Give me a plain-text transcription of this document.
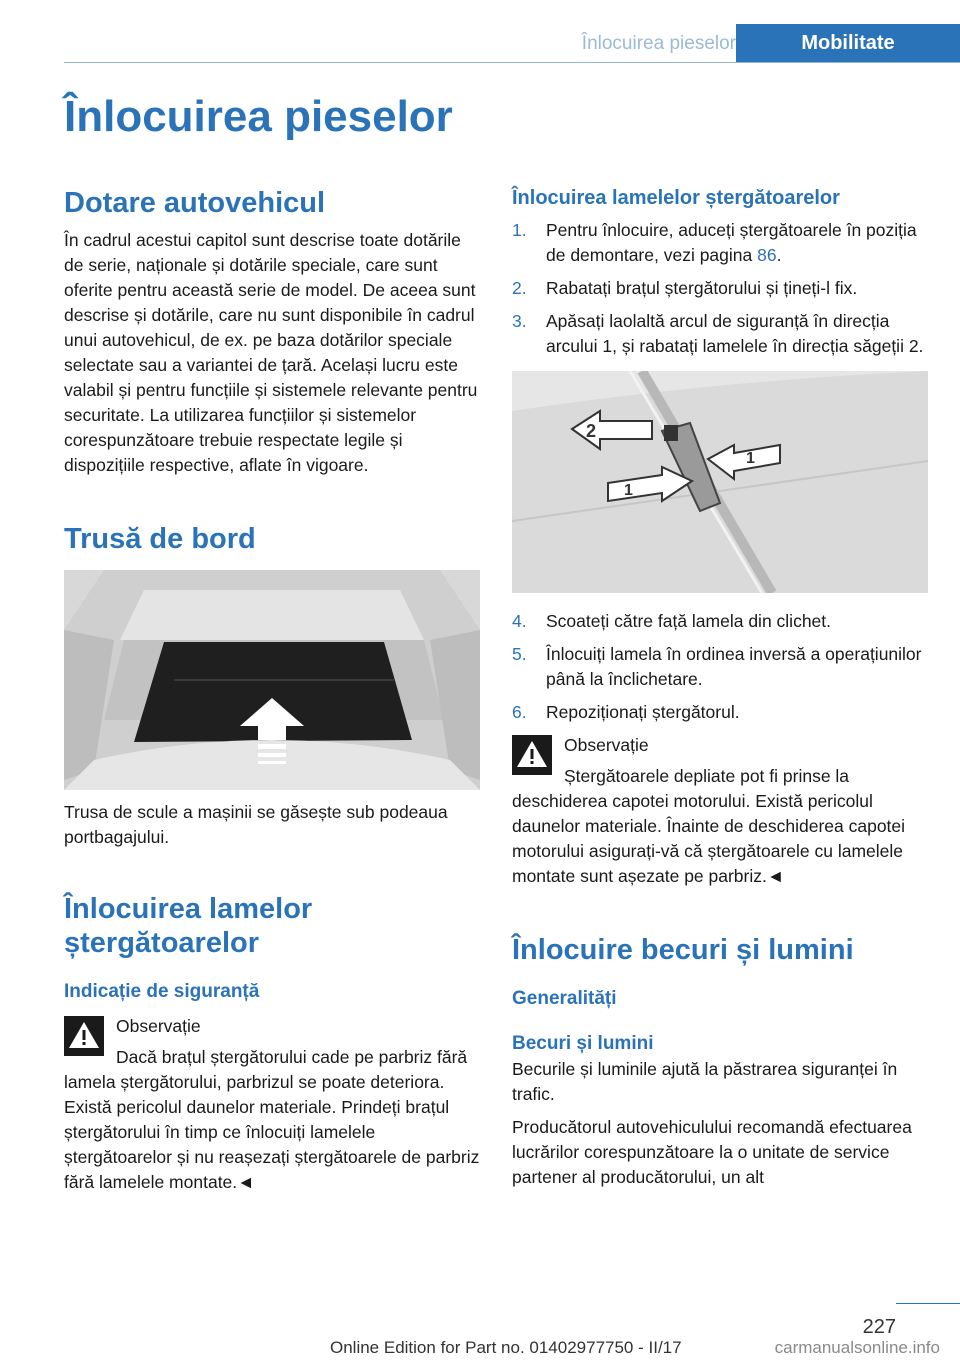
Înlocuirea pieselor	Mobilitate
Înlocuirea pieselor
Dotare autovehicul

În cadrul acestui capitol sunt descrise toate dotările de serie, naționale și dotările speciale, care sunt oferite pentru această serie de model. De aceea sunt descrise și dotările, care nu sunt disponibile în cadrul unui autovehicul, de ex. pe baza dotărilor speciale selectate sau a variantei de țară. Același lucru este valabil și pentru funcțiile și sistemele relevante pentru securitate. La utilizarea funcțiilor și sistemelor corespunzătoare trebuie respectate legile și dispozițiile respective, aflate în vigoare.

Trusă de bord

Trusa de scule a mașinii se găsește sub podeaua portbagajului.

Înlocuirea lamelor ștergătoarelor
Indicație de siguranță
Observație
Dacă brațul ștergătorului cade pe parbriz fără lamela ștergătorului, parbrizul se poate deteriora. Există pericolul daunelor materiale. Prindeți brațul ștergătorului în timp ce înlocuiți lamelele ștergătoarelor și nu reașezați ștergătoarele de parbriz fără lamelele montate.◄
Înlocuirea lamelelor ștergătoarelor
1.	Pentru înlocuire, aduceți ștergătoarele în poziția de demontare, vezi pagina 86.
2.	Rabatați brațul ștergătorului și țineți-l fix.
3.	Apăsați laolaltă arcul de siguranță în direcția arcului 1, și rabatați lamelele în direcția săgeții 2.
2
1
1
4.	Scoateți către față lamela din clichet.
5.	Înlocuiți lamela în ordinea inversă a operațiunilor până la înclichetare.
6.	Repoziționați ștergătorul.
Observație
Ștergătoarele depliate pot fi prinse la deschiderea capotei motorului. Există pericolul daunelor materiale. Înainte de deschiderea capotei motorului asigurați-vă că ștergătoarele cu lamelele montate sunt așezate pe parbriz.◄
Înlocuire becuri și lumini
Generalități
Becuri și lumini

Becurile și luminile ajută la păstrarea siguranței în trafic.

Producătorul autovehiculului recomandă efectuarea lucrărilor corespunzătoare la o unitate de service partener al producătorului, un alt

227
Online Edition for Part no. 01402977750 - II/17	carmanualsonline.info
